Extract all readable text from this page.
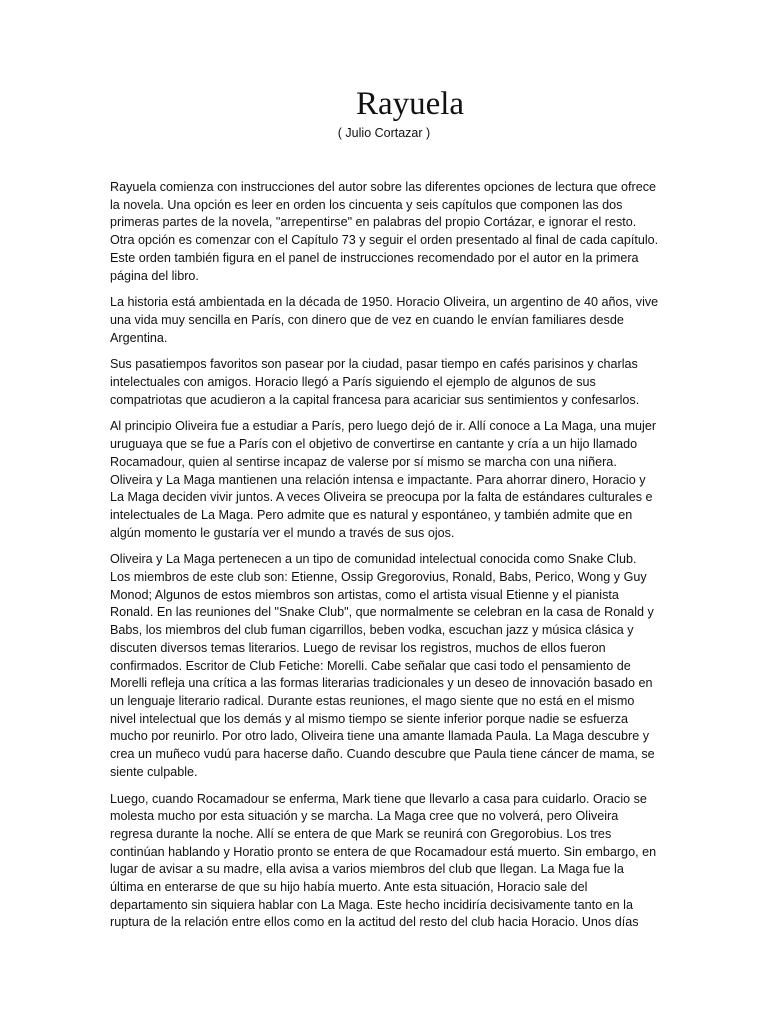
Rayuela
( Julio Cortazar )

Rayuela comienza con instrucciones del autor sobre las diferentes opciones de lectura que ofrece la novela. Una opción es leer en orden los cincuenta y seis capítulos que componen las dos primeras partes de la novela, "arrepentirse" en palabras del propio Cortázar, e ignorar el resto. Otra opción es comenzar con el Capítulo 73 y seguir el orden presentado al final de cada capítulo. Este orden también figura en el panel de instrucciones recomendado por el autor en la primera página del libro.

La historia está ambientada en la década de 1950. Horacio Oliveira, un argentino de 40 años, vive una vida muy sencilla en París, con dinero que de vez en cuando le envían familiares desde Argentina.

Sus pasatiempos favoritos son pasear por la ciudad, pasar tiempo en cafés parisinos y charlas intelectuales con amigos. Horacio llegó a París siguiendo el ejemplo de algunos de sus compatriotas que acudieron a la capital francesa para acariciar sus sentimientos y confesarlos.

Al principio Oliveira fue a estudiar a París, pero luego dejó de ir. Allí conoce a La Maga, una mujer uruguaya que se fue a París con el objetivo de convertirse en cantante y cría a un hijo llamado Rocamadour, quien al sentirse incapaz de valerse por sí mismo se marcha con una niñera. Oliveira y La Maga mantienen una relación intensa e impactante. Para ahorrar dinero, Horacio y La Maga deciden vivir juntos. A veces Oliveira se preocupa por la falta de estándares culturales e intelectuales de La Maga. Pero admite que es natural y espontáneo, y también admite que en algún momento le gustaría ver el mundo a través de sus ojos.

Oliveira y La Maga pertenecen a un tipo de comunidad intelectual conocida como Snake Club. Los miembros de este club son: Etienne, Ossip Gregorovius, Ronald, Babs, Perico, Wong y Guy Monod; Algunos de estos miembros son artistas, como el artista visual Etienne y el pianista Ronald. En las reuniones del "Snake Club", que normalmente se celebran en la casa de Ronald y Babs, los miembros del club fuman cigarrillos, beben vodka, escuchan jazz y música clásica y discuten diversos temas literarios. Luego de revisar los registros, muchos de ellos fueron confirmados. Escritor de Club Fetiche: Morelli. Cabe señalar que casi todo el pensamiento de Morelli refleja una crítica a las formas literarias tradicionales y un deseo de innovación basado en un lenguaje literario radical. Durante estas reuniones, el mago siente que no está en el mismo nivel intelectual que los demás y al mismo tiempo se siente inferior porque nadie se esfuerza mucho por reunirlo. Por otro lado, Oliveira tiene una amante llamada Paula. La Maga descubre y crea un muñeco vudú para hacerse daño. Cuando descubre que Paula tiene cáncer de mama, se siente culpable.

Luego, cuando Rocamadour se enferma, Mark tiene que llevarlo a casa para cuidarlo. Oracio se molesta mucho por esta situación y se marcha. La Maga cree que no volverá, pero Oliveira regresa durante la noche. Allí se entera de que Mark se reunirá con Gregorobius. Los tres continúan hablando y Horatio pronto se entera de que Rocamadour está muerto. Sin embargo, en lugar de avisar a su madre, ella avisa a varios miembros del club que llegan. La Maga fue la última en enterarse de que su hijo había muerto. Ante esta situación, Horacio sale del departamento sin siquiera hablar con La Maga. Este hecho incidiría decisivamente tanto en la ruptura de la relación entre ellos como en la actitud del resto del club hacia Horacio. Unos días
